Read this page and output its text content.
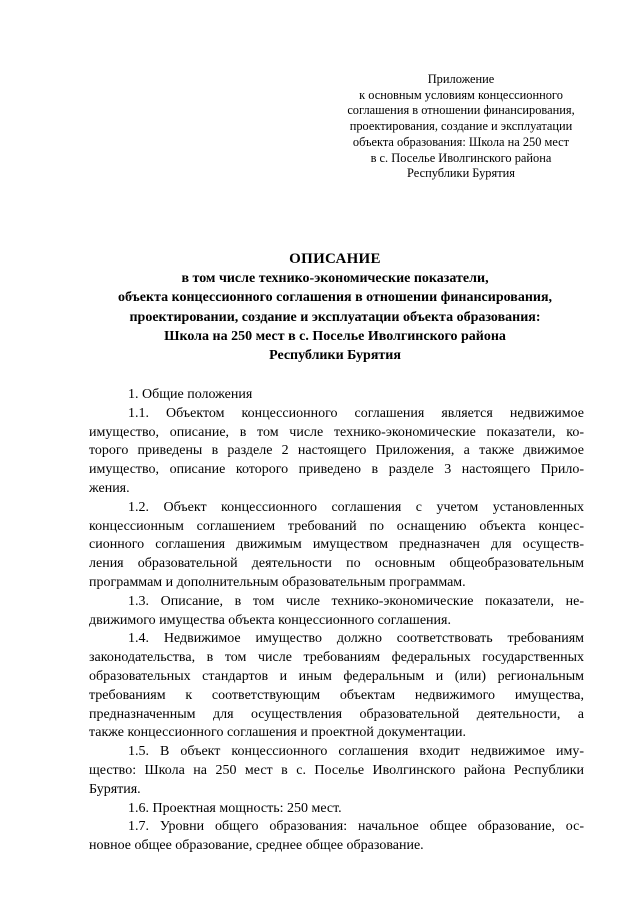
Приложение
к основным условиям концессионного
соглашения в отношении финансирования,
проектирования, создание и эксплуатации
объекта образования: Школа на 250 мест
в с. Поселье Иволгинского района
Республики Бурятия
ОПИСАНИЕ
в том числе технико-экономические показатели,
объекта концессионного соглашения в отношении финансирования,
проектировании, создание и эксплуатации объекта образования:
Школа на 250 мест в с. Поселье Иволгинского района
Республики Бурятия
1. Общие положения
1.1. Объектом концессионного соглашения является недвижимое
имущество, описание, в том числе технико-экономические показатели, ко-
торого приведены в разделе 2 настоящего Приложения, а также движимое
имущество, описание которого приведено в разделе 3 настоящего Прило-
жения.
1.2. Объект концессионного соглашения с учетом установленных
концессионным соглашением требований по оснащению объекта концес-
сионного соглашения движимым имуществом предназначен для осуществ-
ления образовательной деятельности по основным общеобразовательным
программам и дополнительным образовательным программам.
1.3. Описание, в том числе технико-экономические показатели, не-
движимого имущества объекта концессионного соглашения.
1.4. Недвижимое имущество должно соответствовать требованиям
законодательства, в том числе требованиям федеральных государственных
образовательных стандартов и иным федеральным и (или) региональным
требованиям к соответствующим объектам недвижимого имущества,
предназначенным для осуществления образовательной деятельности, а
также концессионного соглашения и проектной документации.
1.5. В объект концессионного соглашения входит недвижимое иму-
щество: Школа на 250 мест в с. Поселье Иволгинского района Республики
Бурятия.
1.6. Проектная мощность: 250 мест.
1.7. Уровни общего образования: начальное общее образование, ос-
новное общее образование, среднее общее образование.
